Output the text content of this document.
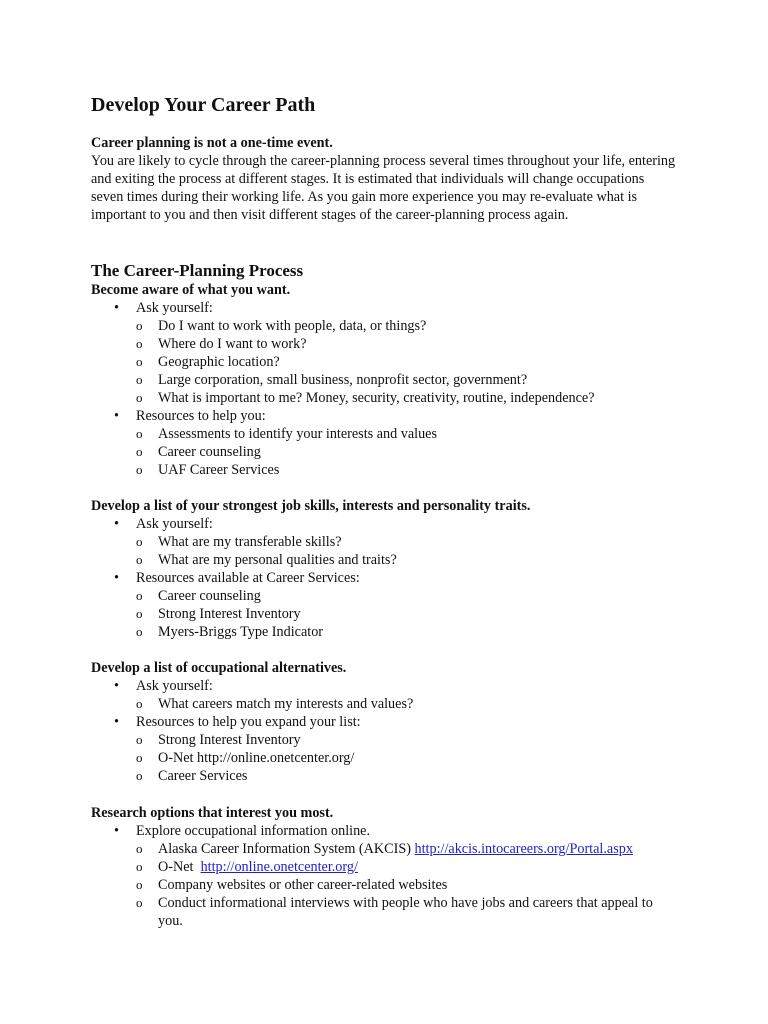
Develop Your Career Path
Career planning is not a one-time event.
You are likely to cycle through the career-planning process several times throughout your life, entering and exiting the process at different stages. It is estimated that individuals will change occupations seven times during their working life. As you gain more experience you may re-evaluate what is important to you and then visit different stages of the career-planning process again.
The Career-Planning Process
Become aware of what you want.
• Ask yourself:
o Do I want to work with people, data, or things?
o Where do I want to work?
o Geographic location?
o Large corporation, small business, nonprofit sector, government?
o What is important to me? Money, security, creativity, routine, independence?
• Resources to help you:
o Assessments to identify your interests and values
o Career counseling
o UAF Career Services
Develop a list of your strongest job skills, interests and personality traits.
• Ask yourself:
o What are my transferable skills?
o What are my personal qualities and traits?
• Resources available at Career Services:
o Career counseling
o Strong Interest Inventory
o Myers-Briggs Type Indicator
Develop a list of occupational alternatives.
• Ask yourself:
o What careers match my interests and values?
• Resources to help you expand your list:
o Strong Interest Inventory
o O-Net http://online.onetcenter.org/
o Career Services
Research options that interest you most.
• Explore occupational information online.
o Alaska Career Information System (AKCIS) http://akcis.intocareers.org/Portal.aspx
o O-Net  http://online.onetcenter.org/
o Company websites or other career-related websites
o Conduct informational interviews with people who have jobs and careers that appeal to you.
